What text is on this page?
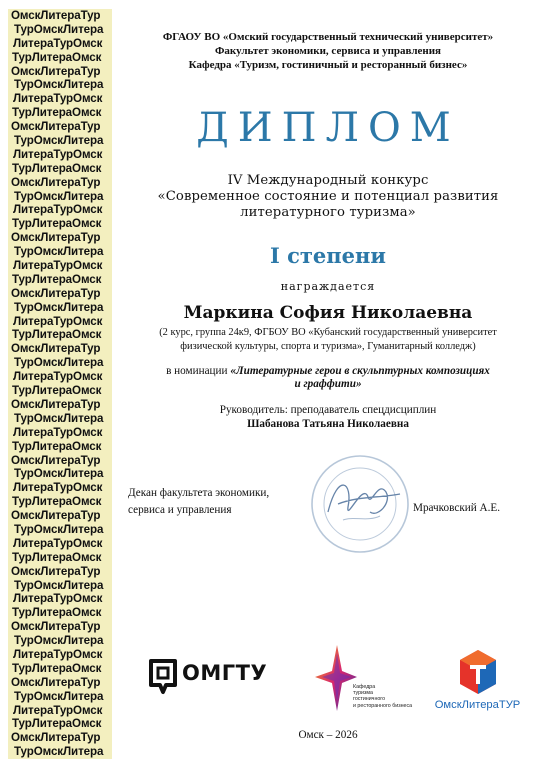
ОмскЛитераТур
ТурОмскЛитера
ЛитераТурОмск
ТурЛитераОмск
ОмскЛитераТур
ТурОмскЛитера
ЛитераТурОмск
ТурЛитераОмск
ОмскЛитераТур
ТурОмскЛитера
ЛитераТурОмск
ТурЛитераОмск
ОмскЛитераТур
ТурОмскЛитера
ЛитераТурОмск
ТурЛитераОмск
ОмскЛитераТур
ТурОмскЛитера
ЛитераТурОмск
ТурЛитераОмск
ОмскЛитераТур
ТурОмскЛитера
ЛитераТурОмск
ТурЛитераОмск
ОмскЛитераТур
ТурОмскЛитера
ЛитераТурОмск
ТурЛитераОмск
ОмскЛитераТур
ТурОмскЛитера
ЛитераТурОмск
ТурЛитераОмск
ОмскЛитераТур
ТурОмскЛитера
ЛитераТурОмск
ТурЛитераОмск
ОмскЛитераТур
ТурОмскЛитера
ЛитераТурОмск
ТурЛитераОмск
ОмскЛитераТур
ТурОмскЛитера
ЛитераТурОмск
ТурЛитераОмск
ОмскЛитераТур
ТурОмскЛитера
ЛитераТурОмск
ТурЛитераОмск
ОмскЛитераТур
ТурОмскЛитера
ЛитераТурОмск
ТурЛитераОмск
ОмскЛитераТур
ТурОмскЛитера
ФГАОУ ВО «Омский государственный технический университет»
Факультет экономики, сервиса и управления
Кафедра «Туризм, гостиничный и ресторанный бизнес»
ДИПЛОМ
IV Международный конкурс
«Современное состояние и потенциал развития
литературного туризма»
I степени
награждается
Маркина София Николаевна
(2 курс, группа 24к9, ФГБОУ ВО «Кубанский государственный университет
физической культуры, спорта и туризма», Гуманитарный колледж)
в номинации «Литературные герои в скульптурных композициях
и граффити»
Руководитель: преподаватель спецдисциплин
Шабанова Татьяна Николаевна
Декан факультета экономики,
сервиса и управления	Мрачковский А.Е.
ОМГТУ
Кафедра
туризма
гостиничного
и ресторанного бизнеса	ОмскЛитераТУР
Омск – 2026
